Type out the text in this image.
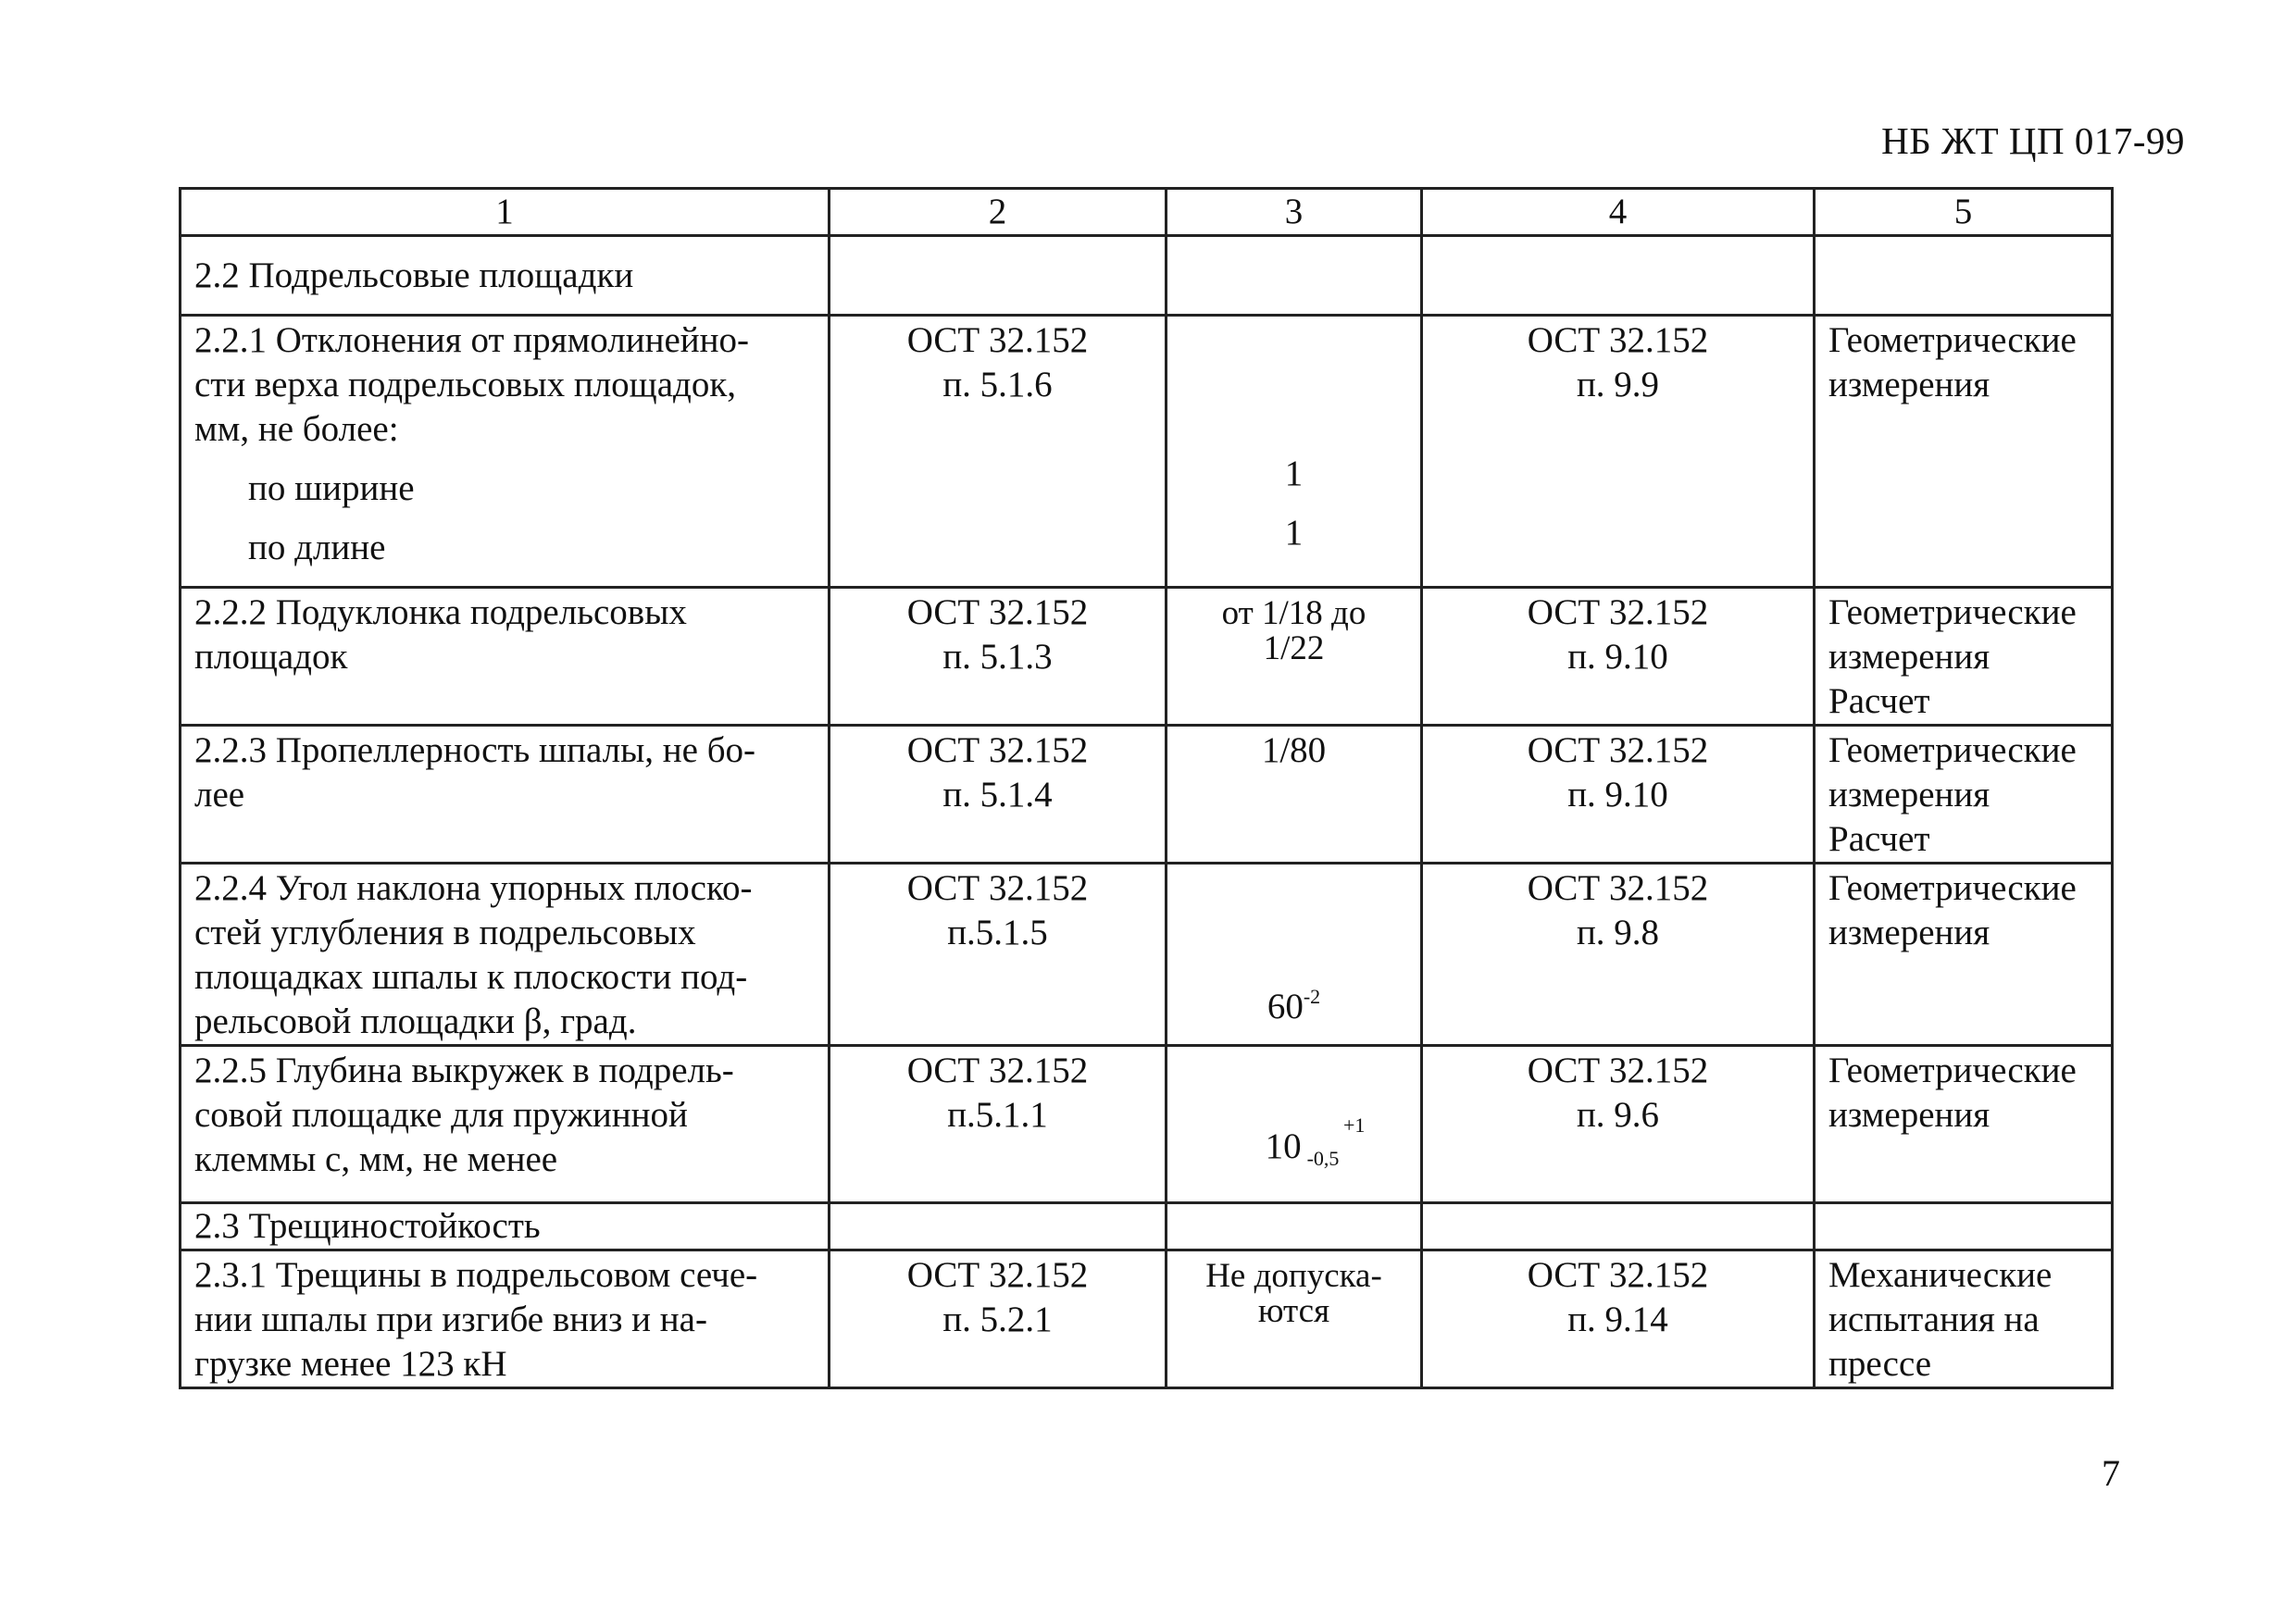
НБ ЖТ ЦП 017-99
1	2	3	4	5
2.2 Подрельсовые площадки				

2.2.1 Отклонения от прямолинейно-
сти верха подрельсовых площадок,
мм, не более:
по ширине
по длине	ОСТ 32.152
п. 5.1.6	1
1	ОСТ 32.152
п. 9.9	Геометрические
измерения

2.2.2 Подуклонка подрельсовых
площадок	ОСТ 32.152
п. 5.1.3	от 1/18 до
1/22	ОСТ 32.152
п. 9.10	Геометрические
измерения
Расчет

2.2.3 Пропеллерность шпалы, не бо-
лее	ОСТ 32.152
п. 5.1.4	1/80	ОСТ 32.152
п. 9.10	Геометрические
измерения
Расчет

2.2.4 Угол наклона упорных плоско-
стей углубления в подрельсовых
площадках шпалы к плоскости под-
рельсовой площадки β, град.	ОСТ 32.152
п.5.1.5	$60^{-2}$	ОСТ 32.152
п. 9.8	Геометрические
измерения

2.2.5 Глубина выкружек в подрель-
совой площадке для пружинной
клеммы с, мм, не менее	ОСТ 32.152
п.5.1.1	+1
10 $_{-0,5}$	ОСТ 32.152
п. 9.6	Геометрические
измерения

2.3 Трещиностойкость				

2.3.1 Трещины в подрельсовом сече-
нии шпалы при изгибе вниз и на-
грузке менее 123 кН	ОСТ 32.152
п. 5.2.1	Не допуска-
ются	ОСТ 32.152
п. 9.14	Механические
испытания на
прессе
7
